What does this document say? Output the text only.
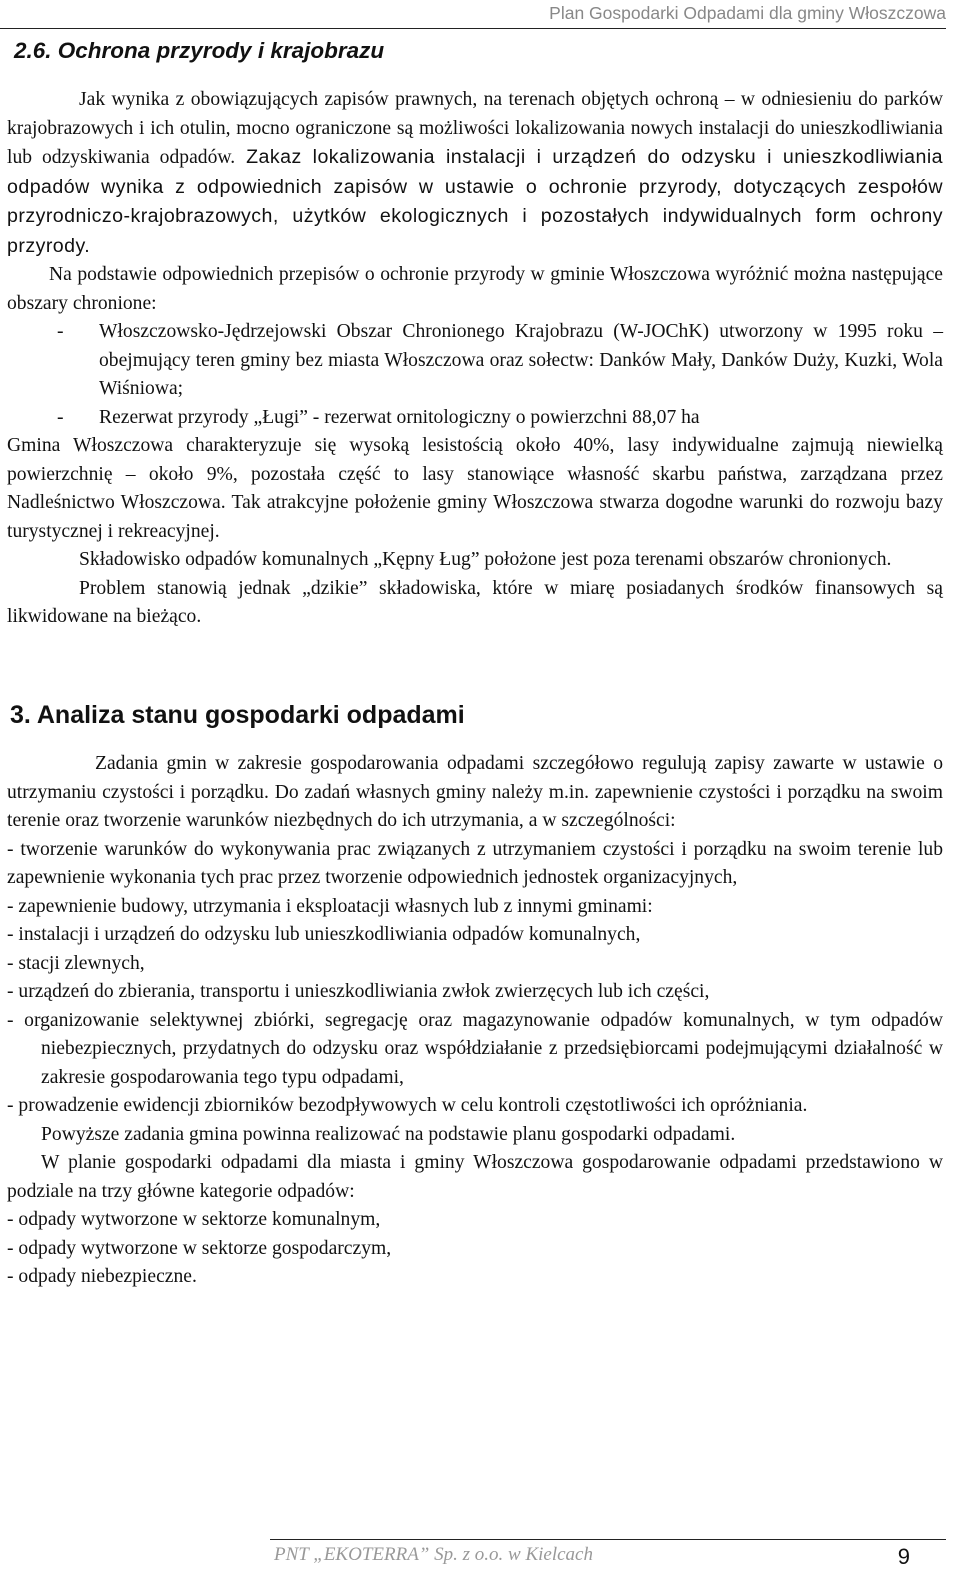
Plan Gospodarki Odpadami dla gminy Włoszczowa
2.6. Ochrona przyrody i krajobrazu

Jak wynika z obowiązujących zapisów prawnych, na terenach objętych ochroną – w odniesieniu do parków krajobrazowych i ich otulin, mocno ograniczone są możliwości lokalizowania nowych instalacji do unieszkodliwiania lub odzyskiwania odpadów. Zakaz lokalizowania instalacji i urządzeń do odzysku i unieszkodliwiania odpadów wynika z odpowiednich zapisów w ustawie o ochronie przyrody, dotyczących zespołów przyrodniczo-krajobrazowych, użytków ekologicznych i pozostałych indywidualnych form ochrony przyrody.

Na podstawie odpowiednich przepisów o ochronie przyrody w gminie Włoszczowa wyróżnić można następujące obszary chronione:

- Włoszczowsko-Jędrzejowski Obszar Chronionego Krajobrazu (W-JOChK) utworzony w 1995 roku –obejmujący teren gminy bez miasta Włoszczowa oraz sołectw: Danków Mały, Danków Duży, Kuzki, Wola Wiśniowa;
- Rezerwat przyrody „Ługi” - rezerwat ornitologiczny o powierzchni 88,07 ha

Gmina Włoszczowa charakteryzuje się wysoką lesistością około 40%, lasy indywidualne zajmują niewielką powierzchnię – około 9%, pozostała część to lasy stanowiące własność skarbu państwa, zarządzana przez Nadleśnictwo Włoszczowa. Tak atrakcyjne położenie gminy Włoszczowa stwarza dogodne warunki do rozwoju bazy turystycznej i rekreacyjnej.

Składowisko odpadów komunalnych „Kępny Ług” położone jest poza terenami obszarów chronionych.

Problem stanowią jednak „dzikie” składowiska, które w miarę posiadanych środków finansowych są likwidowane na bieżąco.

3. Analiza stanu gospodarki odpadami

Zadania gmin w zakresie gospodarowania odpadami szczegółowo regulują zapisy zawarte w ustawie o utrzymaniu czystości i porządku. Do zadań własnych gminy należy m.in. zapewnienie czystości i porządku na swoim terenie oraz tworzenie warunków niezbędnych do ich utrzymania, a w szczególności:

- tworzenie warunków do wykonywania prac związanych z utrzymaniem czystości i porządku na swoim terenie lub zapewnienie wykonania tych prac przez tworzenie odpowiednich jednostek organizacyjnych,

- zapewnienie budowy, utrzymania i eksploatacji własnych lub z innymi gminami:

- instalacji i urządzeń do odzysku lub unieszkodliwiania odpadów komunalnych,

- stacji zlewnych,

- urządzeń do zbierania, transportu i unieszkodliwiania zwłok zwierzęcych lub ich części,

- organizowanie selektywnej zbiórki, segregację oraz magazynowanie odpadów komunalnych, w tym odpadów niebezpiecznych, przydatnych do odzysku oraz współdziałanie z przedsiębiorcami podejmującymi działalność w zakresie gospodarowania tego typu odpadami,

- prowadzenie ewidencji zbiorników bezodpływowych w celu kontroli częstotliwości ich opróżniania.

Powyższe zadania gmina powinna realizować na podstawie planu gospodarki odpadami.

W planie gospodarki odpadami dla miasta i gminy Włoszczowa gospodarowanie odpadami przedstawiono w podziale na trzy główne kategorie odpadów:

- odpady wytworzone w sektorze komunalnym,

- odpady wytworzone w sektorze gospodarczym,

- odpady niebezpieczne.

PNT „EKOTERRA” Sp. z o.o. w Kielcach	9
